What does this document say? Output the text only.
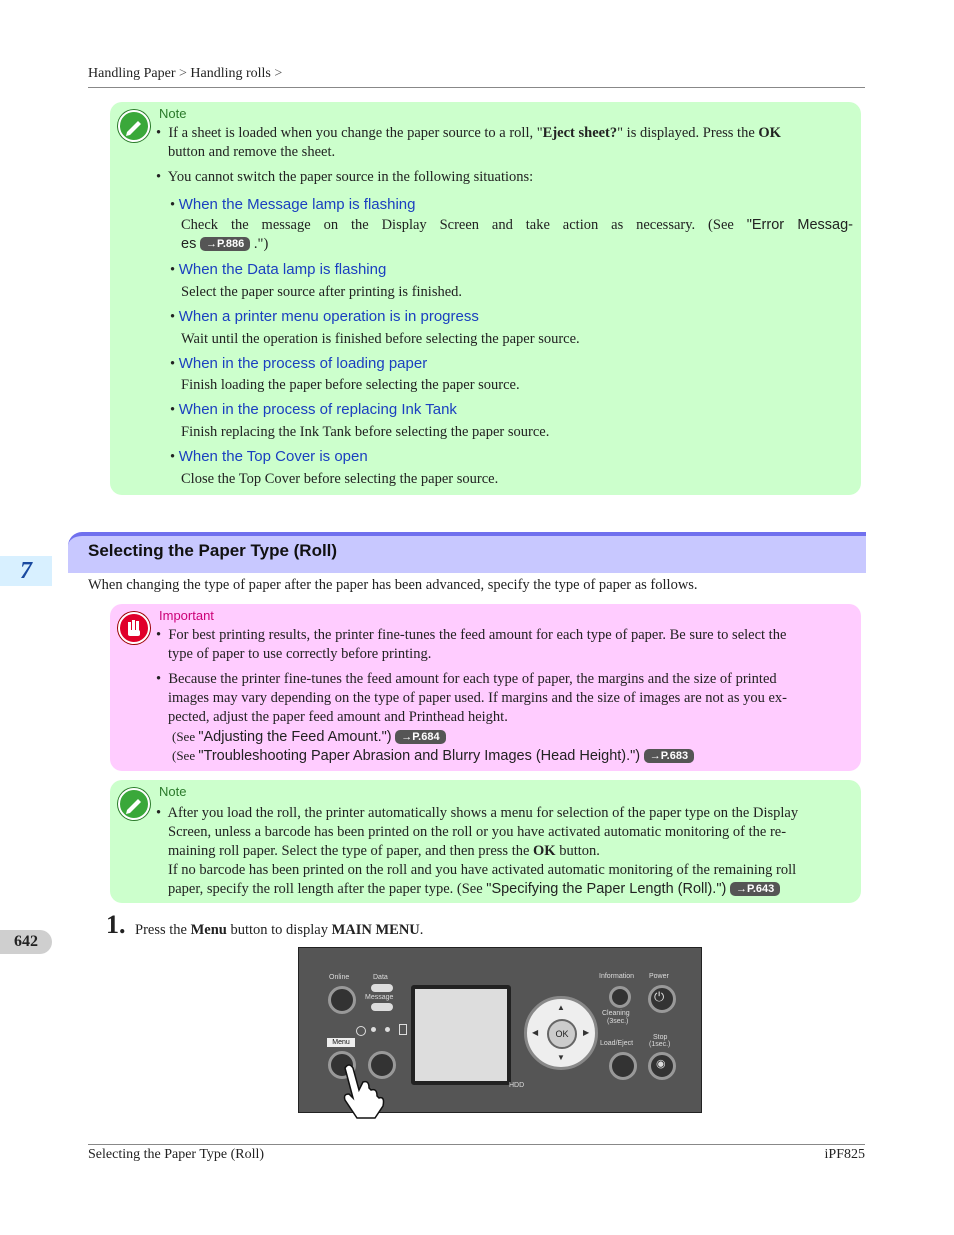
Handling Paper > Handling rolls >
Note
•  If a sheet is loaded when you change the paper source to a roll, "Eject sheet?" is displayed. Press the OK
button and remove the sheet.
•  You cannot switch the paper source in the following situations:
• When the Message lamp is flashing
Check the message on the Display Screen and take action as necessary. (See "Error Messag-
es →P.886 .")
• When the Data lamp is flashing
Select the paper source after printing is finished.
• When a printer menu operation is in progress
Wait until the operation is finished before selecting the paper source.
• When in the process of loading paper
Finish loading the paper before selecting the paper source.
• When in the process of replacing Ink Tank
Finish replacing the Ink Tank before selecting the paper source.
• When the Top Cover is open
Close the Top Cover before selecting the paper source.
Selecting the Paper Type (Roll)
7
When changing the type of paper after the paper has been advanced, specify the type of paper as follows.
Important
•  For best printing results, the printer fine-tunes the feed amount for each type of paper. Be sure to select the
type of paper to use correctly before printing.
•  Because the printer fine-tunes the feed amount for each type of paper, the margins and the size of printed
images may vary depending on the type of paper used. If margins and the size of images are not as you ex-
pected, adjust the paper feed amount and Printhead height.
(See "Adjusting the Feed Amount.") →P.684
(See "Troubleshooting Paper Abrasion and Blurry Images (Head Height).") →P.683
Note
•  After you load the roll, the printer automatically shows a menu for selection of the paper type on the Display
Screen, unless a barcode has been printed on the roll or you have activated automatic monitoring of the re-
maining roll paper. Select the type of paper, and then press the OK button.
If no barcode has been printed on the roll and you have activated automatic monitoring of the remaining roll
paper, specify the roll length after the paper type. (See "Specifying the Paper Length (Roll).") →P.643
642
1. Press the Menu button to display MAIN MENU.
Online	Data
Message
Menu
HDD
OK
▲
▼
◀	▶
Information Power
⏻
Cleaning
(3sec.)
Load/Eject
Stop
(1sec.)
◉
Selecting the Paper Type (Roll)	iPF825
